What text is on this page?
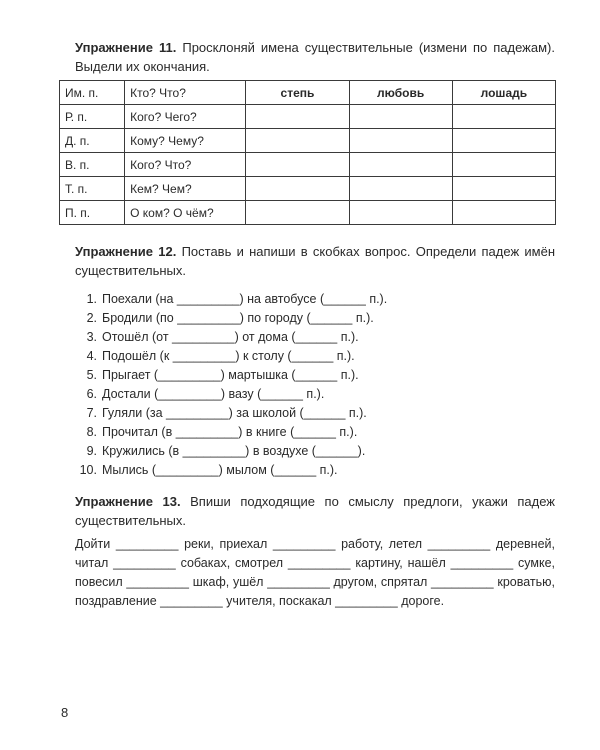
Упражнение 11. Просклоняй имена существительные (измени по падежам). Выдели их окончания.
Им. п.	Кто? Что?	степь	любовь	лошадь
Р. п.	Кого? Чего?			
Д. п.	Кому? Чему?			
В. п.	Кого? Что?			
Т. п.	Кем? Чем?			
П. п.	О ком? О чём?			
Упражнение 12. Поставь и напиши в скобках вопрос. Определи падеж имён существительных.
1. Поехали (на _________) на автобусе (______ п.).
2. Бродили (по _________) по городу (______ п.).
3. Отошёл (от _________) от дома (______ п.).
4. Подошёл (к _________) к столу (______ п.).
5. Прыгает (_________) мартышка (______ п.).
6. Достали (_________) вазу (______ п.).
7. Гуляли (за _________) за школой (______ п.).
8. Прочитал (в _________) в книге (______ п.).
9. Кружились (в _________) в воздухе (______).
10. Мылись (_________) мылом (______ п.).
Упражнение 13. Впиши подходящие по смыслу предлоги, укажи падеж существительных.
Дойти _________ реки, приехал _________ работу, летел _________ деревней,
читал _________ собаках, смотрел _________ картину, нашёл _________ сумке,
повесил _________ шкаф, ушёл _________ другом, спрятал _________ кроватью,
поздравление _________ учителя, поскакал _________ дороге.
8
